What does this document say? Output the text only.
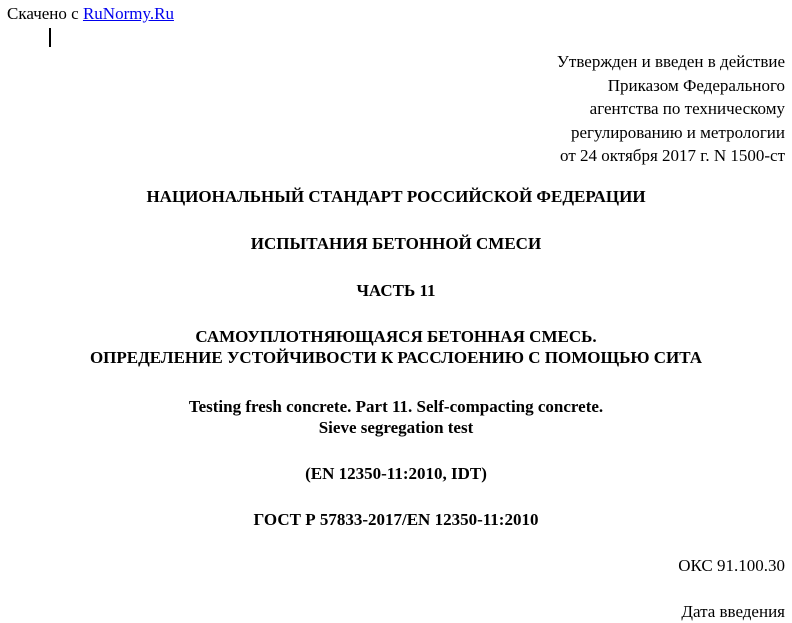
Скачено с RuNormy.Ru
Утвержден и введен в действие
Приказом Федерального
агентства по техническому
регулированию и метрологии
от 24 октября 2017 г. N 1500-ст
НАЦИОНАЛЬНЫЙ СТАНДАРТ РОССИЙСКОЙ ФЕДЕРАЦИИ
ИСПЫТАНИЯ БЕТОННОЙ СМЕСИ
ЧАСТЬ 11
САМОУПЛОТНЯЮЩАЯСЯ БЕТОННАЯ СМЕСЬ.
ОПРЕДЕЛЕНИЕ УСТОЙЧИВОСТИ К РАССЛОЕНИЮ С ПОМОЩЬЮ СИТА
Testing fresh concrete. Part 11. Self-compacting concrete.
Sieve segregation test
(EN 12350-11:2010, IDT)
ГОСТ Р 57833-2017/EN 12350-11:2010
ОКС 91.100.30
Дата введения
